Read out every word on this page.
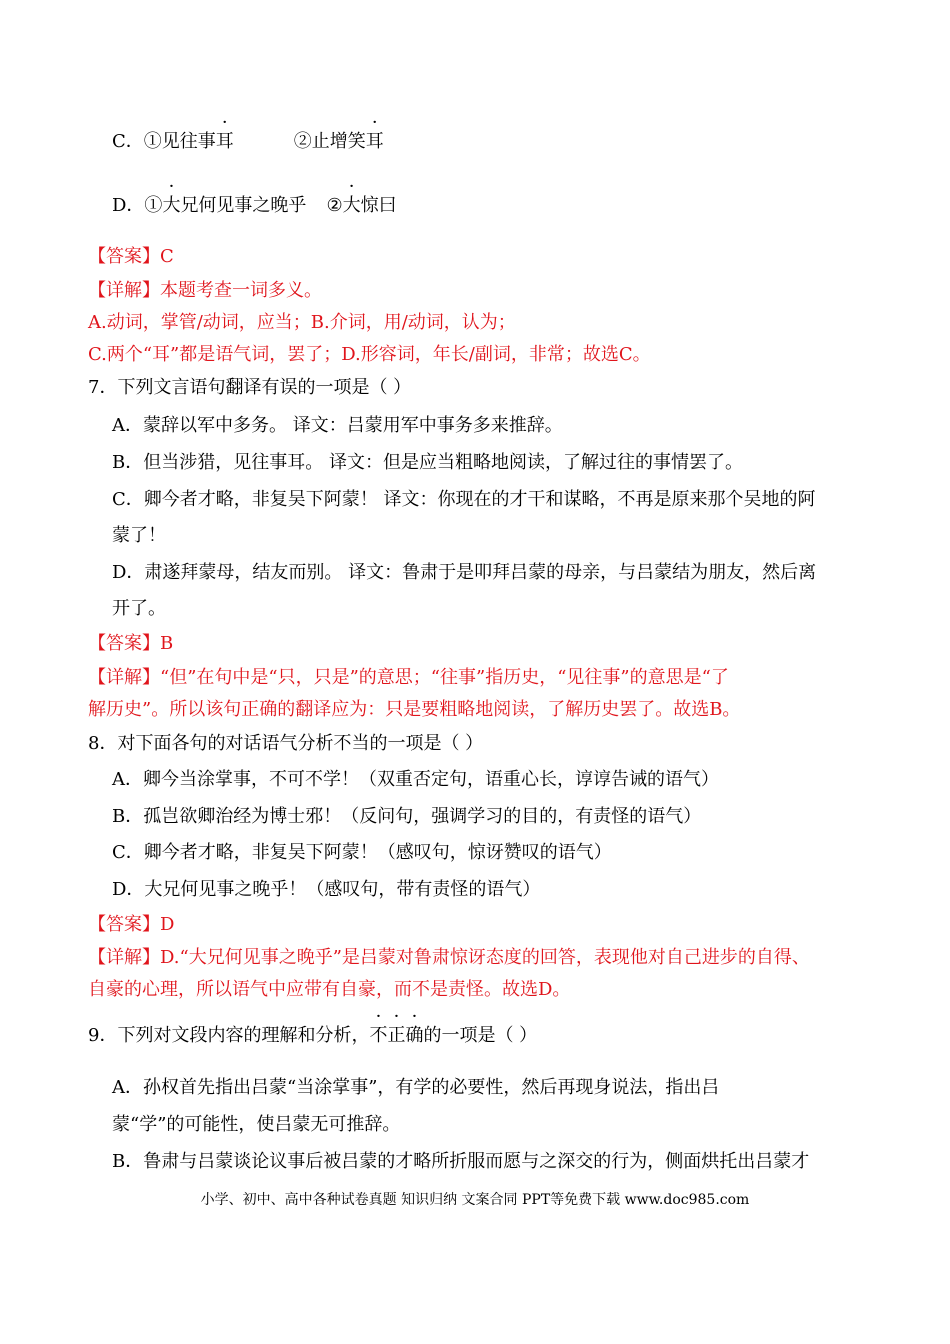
C．①见往事耳	②止增笑耳
D．①大兄何见事之晚乎 ②大惊曰
【答案】C
【详解】本题考查一词多义。
A.动词，掌管/动词，应当；B.介词，用/动词，认为；
C.两个“耳”都是语气词，罢了；D.形容词，年长/副词，非常；故选C。
7．下列文言语句翻译有误的一项是（ ）
A．蒙辞以军中多务。 译文：吕蒙用军中事务多来推辞。
B．但当涉猎，见往事耳。 译文：但是应当粗略地阅读，了解过往的事情罢了。
C．卿今者才略，非复吴下阿蒙！ 译文：你现在的才干和谋略，不再是原来那个吴地的阿
蒙了！
D．肃遂拜蒙母，结友而别。 译文：鲁肃于是叩拜吕蒙的母亲，与吕蒙结为朋友，然后离
开了。
【答案】B
【详解】“但”在句中是“只，只是”的意思；“往事”指历史，“见往事”的意思是“了
解历史”。所以该句正确的翻译应为：只是要粗略地阅读，了解历史罢了。故选B。
8．对下面各句的对话语气分析不当的一项是（ ）
A．卿今当涂掌事，不可不学！（双重否定句，语重心长，谆谆告诫的语气）
B．孤岂欲卿治经为博士邪！（反问句，强调学习的目的，有责怪的语气）
C．卿今者才略，非复吴下阿蒙！（感叹句，惊讶赞叹的语气）
D．大兄何见事之晚乎！（感叹句，带有责怪的语气）
【答案】D
【详解】D.“大兄何见事之晚乎”是吕蒙对鲁肃惊讶态度的回答，表现他对自己进步的自得、
自豪的心理，所以语气中应带有自豪，而不是责怪。故选D。
9．下列对文段内容的理解和分析，不正确的一项是（ ）
A．孙权首先指出吕蒙“当涂掌事”，有学的必要性，然后再现身说法，指出吕
蒙“学”的可能性，使吕蒙无可推辞。
B．鲁肃与吕蒙谈论议事后被吕蒙的才略所折服而愿与之深交的行为，侧面烘托出吕蒙才
小学、初中、高中各种试卷真题 知识归纳 文案合同 PPT等免费下载 www.doc985.com
